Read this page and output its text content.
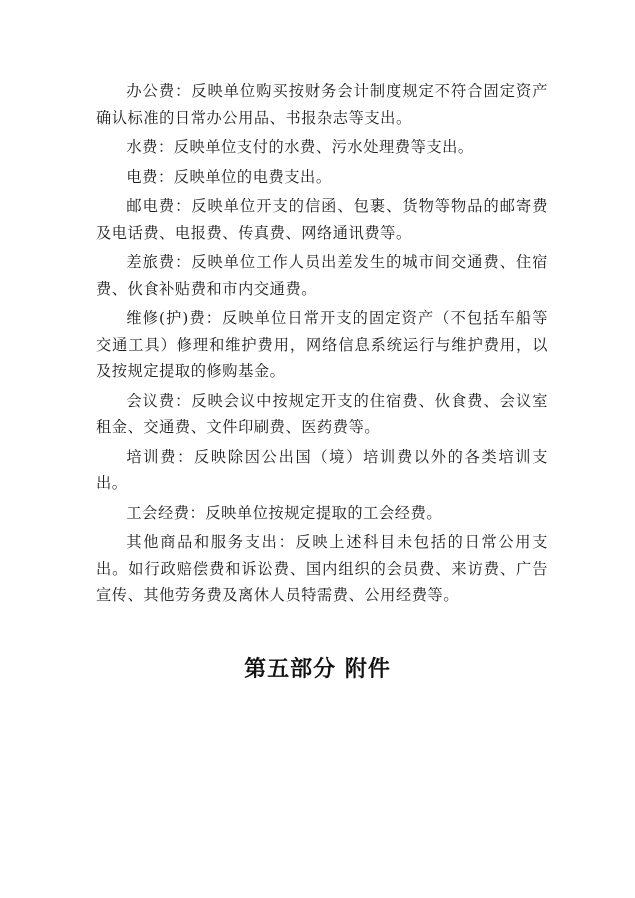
办公费：反映单位购买按财务会计制度规定不符合固定资产确认标准的日常办公用品、书报杂志等支出。

水费：反映单位支付的水费、污水处理费等支出。

电费：反映单位的电费支出。

邮电费：反映单位开支的信函、包裹、货物等物品的邮寄费及电话费、电报费、传真费、网络通讯费等。

差旅费：反映单位工作人员出差发生的城市间交通费、住宿费、伙食补贴费和市内交通费。

维修(护)费：反映单位日常开支的固定资产（不包括车船等交通工具）修理和维护费用，网络信息系统运行与维护费用，以及按规定提取的修购基金。

会议费：反映会议中按规定开支的住宿费、伙食费、会议室租金、交通费、文件印刷费、医药费等。

培训费：反映除因公出国（境）培训费以外的各类培训支出。

工会经费：反映单位按规定提取的工会经费。

其他商品和服务支出：反映上述科目未包括的日常公用支出。如行政赔偿费和诉讼费、国内组织的会员费、来访费、广告宣传、其他劳务费及离休人员特需费、公用经费等。

第五部分 附件
